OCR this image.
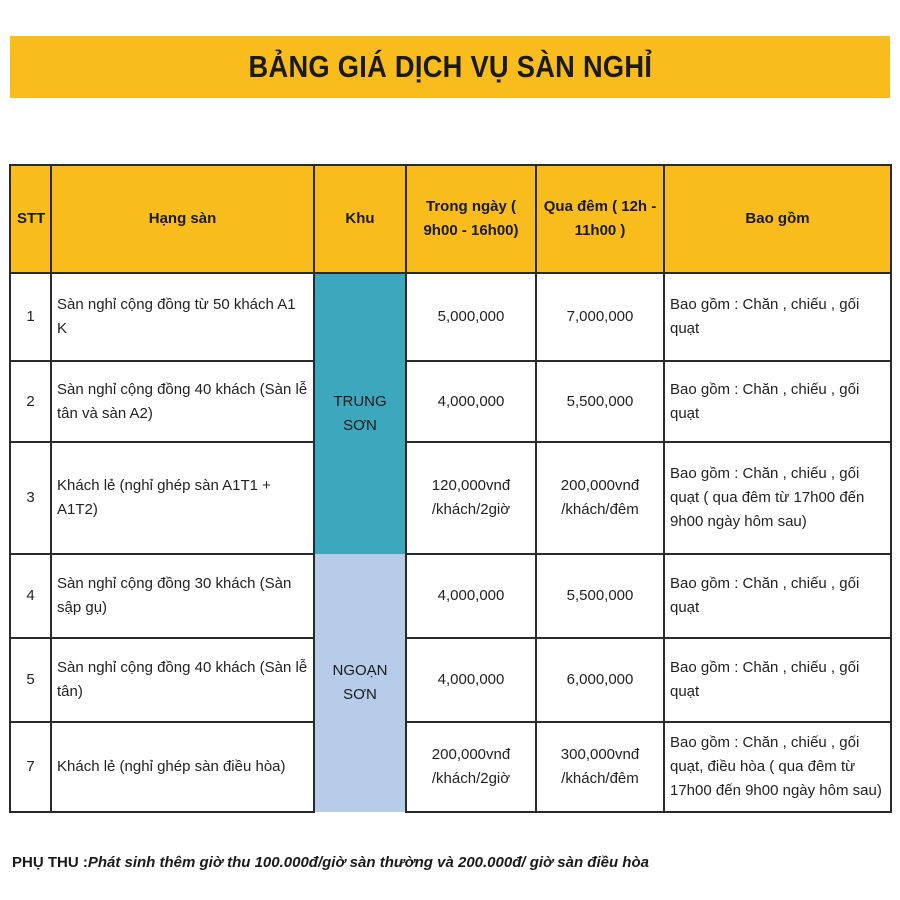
BẢNG GIÁ DỊCH VỤ SÀN NGHỈ
STT	Hạng sàn	Khu	Trong ngày ( 9h00 - 16h00)	Qua đêm ( 12h - 11h00 )	Bao gồm
1	Sàn nghỉ cộng đồng từ 50 khách A1 K	TRUNG SƠN	5,000,000	7,000,000	Bao gồm : Chăn , chiếu , gối quạt
2	Sàn nghỉ cộng đồng 40 khách (Sàn lễ tân và sàn A2)		4,000,000	5,500,000	Bao gồm : Chăn , chiếu , gối quạt
3	Khách lẻ (nghỉ ghép sàn A1T1 + A1T2)		120,000vnđ /khách/2giờ	200,000vnđ /khách/đêm	Bao gồm : Chăn , chiếu , gối quạt ( qua đêm từ 17h00 đến 9h00 ngày hôm sau)
4	Sàn nghỉ cộng đồng 30 khách (Sàn sập gụ)	NGOẠN SƠN	4,000,000	5,500,000	Bao gồm : Chăn , chiếu , gối quạt
5	Sàn nghỉ cộng đồng 40 khách (Sàn lễ tân)		4,000,000	6,000,000	Bao gồm : Chăn , chiếu , gối quạt
7	Khách lẻ (nghỉ ghép sàn điều hòa)		200,000vnđ /khách/2giờ	300,000vnđ /khách/đêm	Bao gồm : Chăn , chiếu , gối quạt, điều hòa ( qua đêm từ 17h00 đến 9h00 ngày hôm sau)
PHỤ THU :Phát sinh thêm giờ thu 100.000đ/giờ sàn thường và 200.000đ/ giờ sàn điều hòa
